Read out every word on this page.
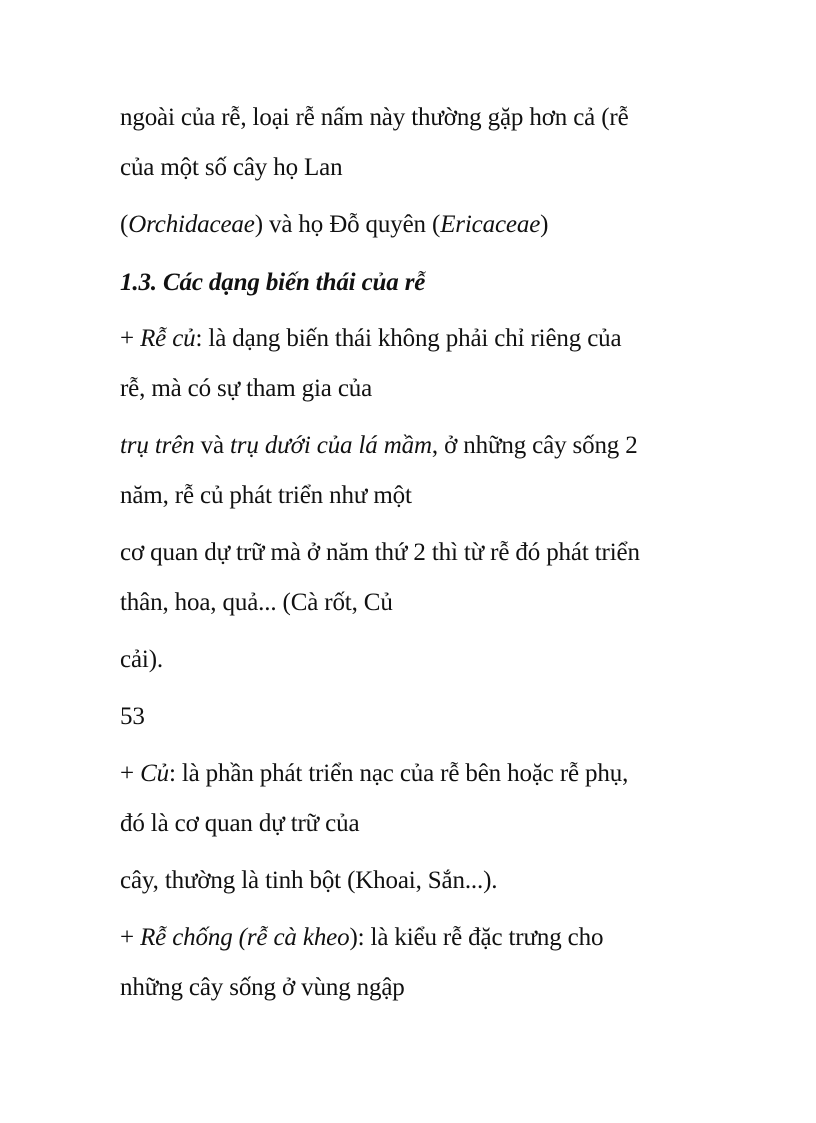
ngoài của rễ, loại rễ nấm này thường gặp hơn cả (rễ
của một số cây họ Lan
(Orchidaceae) và họ Đỗ quyên (Ericaceae)
1.3. Các dạng biến thái của rễ
+ Rễ củ: là dạng biến thái không phải chỉ riêng của
rễ, mà có sự tham gia của
trụ trên và trụ dưới của lá mầm, ở những cây sống 2
năm, rễ củ phát triển như một
cơ quan dự trữ mà ở năm thứ 2 thì từ rễ đó phát triển
thân, hoa, quả... (Cà rốt, Củ
cải).
53
+ Củ: là phần phát triển nạc của rễ bên hoặc rễ phụ,
đó là cơ quan dự trữ của
cây, thường là tinh bột (Khoai, Sắn...).
+ Rễ chống (rễ cà kheo): là kiểu rễ đặc trưng cho
những cây sống ở vùng ngập
